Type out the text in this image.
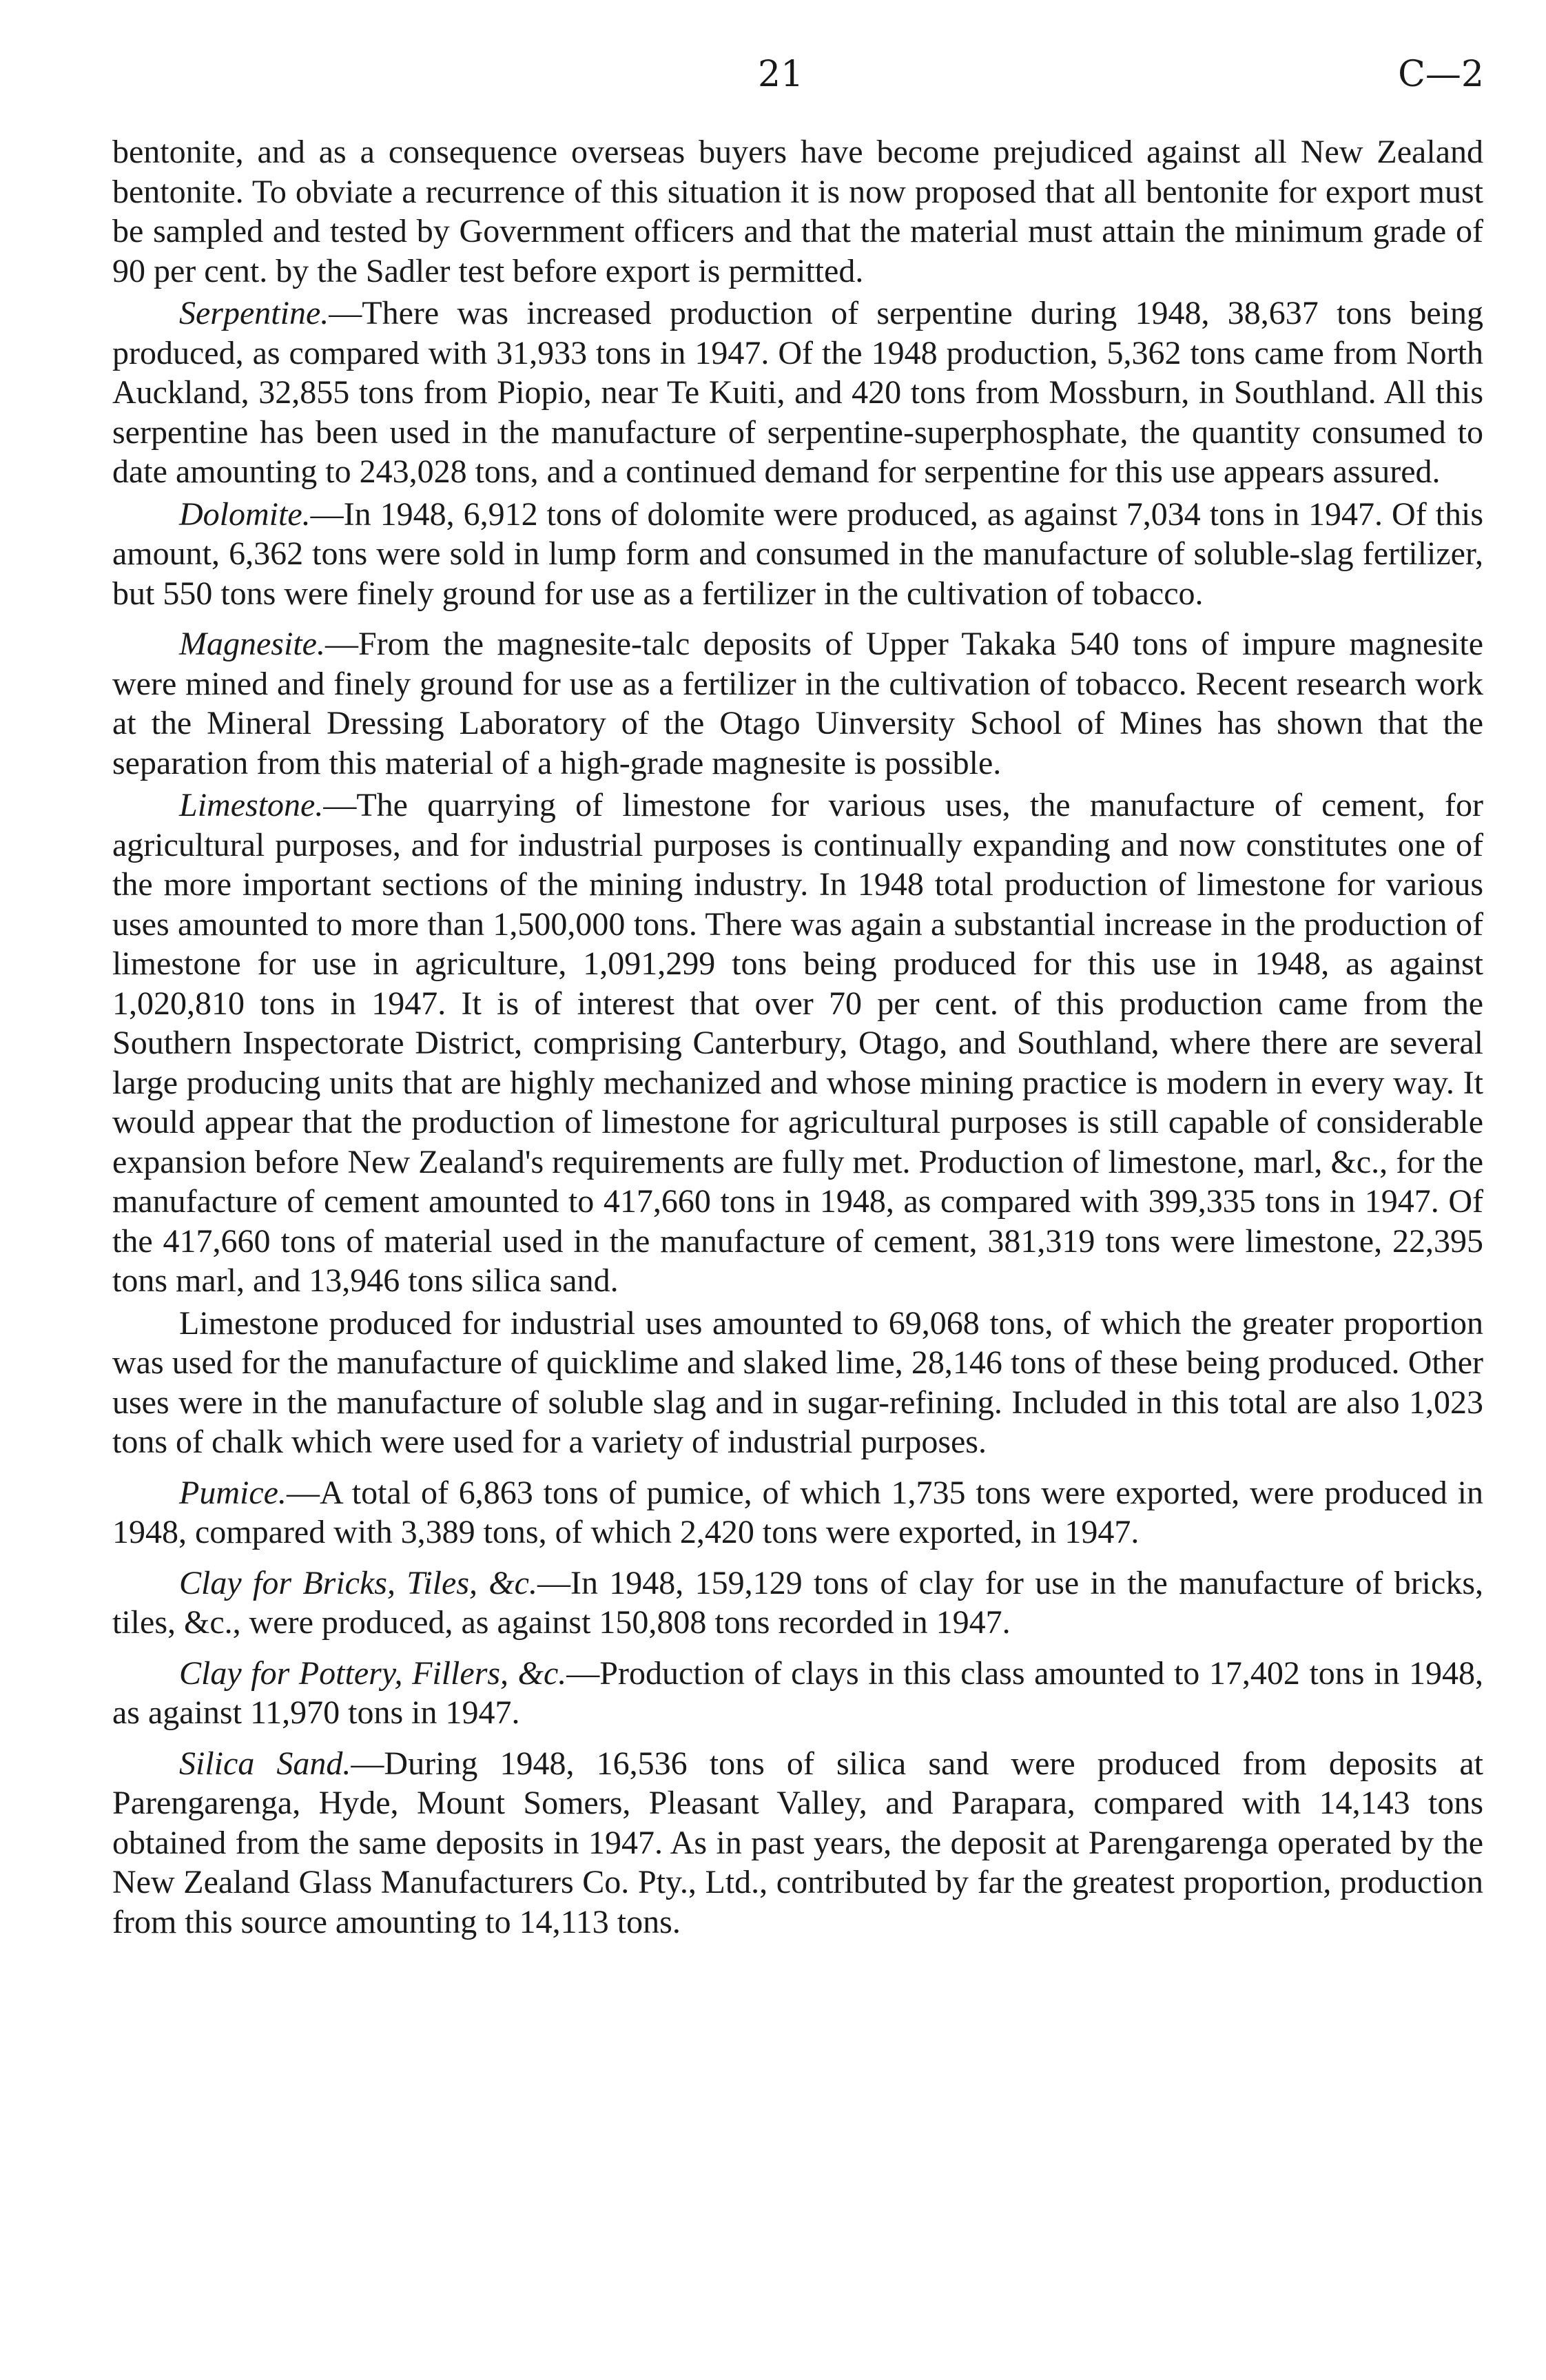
21	C—2

bentonite, and as a consequence overseas buyers have become prejudiced against all New Zealand bentonite. To obviate a recurrence of this situation it is now proposed that all bentonite for export must be sampled and tested by Government officers and that the material must attain the minimum grade of 90 per cent. by the Sadler test before export is permitted.

Serpentine.—There was increased production of serpentine during 1948, 38,637 tons being produced, as compared with 31,933 tons in 1947. Of the 1948 production, 5,362 tons came from North Auckland, 32,855 tons from Piopio, near Te Kuiti, and 420 tons from Mossburn, in Southland. All this serpentine has been used in the manufacture of serpentine-superphosphate, the quantity consumed to date amounting to 243,028 tons, and a continued demand for serpentine for this use appears assured.

Dolomite.—In 1948, 6,912 tons of dolomite were produced, as against 7,034 tons in 1947. Of this amount, 6,362 tons were sold in lump form and consumed in the manufacture of soluble-slag fertilizer, but 550 tons were finely ground for use as a fertilizer in the cultivation of tobacco.

Magnesite.—From the magnesite-talc deposits of Upper Takaka 540 tons of impure magnesite were mined and finely ground for use as a fertilizer in the cultivation of tobacco. Recent research work at the Mineral Dressing Laboratory of the Otago Uinversity School of Mines has shown that the separation from this material of a high-grade magnesite is possible.

Limestone.—The quarrying of limestone for various uses, the manufacture of cement, for agricultural purposes, and for industrial purposes is continually expanding and now constitutes one of the more important sections of the mining industry. In 1948 total production of limestone for various uses amounted to more than 1,500,000 tons. There was again a substantial increase in the production of limestone for use in agriculture, 1,091,299 tons being produced for this use in 1948, as against 1,020,810 tons in 1947. It is of interest that over 70 per cent. of this production came from the Southern Inspectorate District, comprising Canterbury, Otago, and Southland, where there are several large producing units that are highly mechanized and whose mining practice is modern in every way. It would appear that the production of limestone for agricultural purposes is still capable of considerable expansion before New Zealand's requirements are fully met. Production of limestone, marl, &c., for the manufacture of cement amounted to 417,660 tons in 1948, as compared with 399,335 tons in 1947. Of the 417,660 tons of material used in the manufacture of cement, 381,319 tons were limestone, 22,395 tons marl, and 13,946 tons silica sand.

Limestone produced for industrial uses amounted to 69,068 tons, of which the greater proportion was used for the manufacture of quicklime and slaked lime, 28,146 tons of these being produced. Other uses were in the manufacture of soluble slag and in sugar-refining. Included in this total are also 1,023 tons of chalk which were used for a variety of industrial purposes.

Pumice.—A total of 6,863 tons of pumice, of which 1,735 tons were exported, were produced in 1948, compared with 3,389 tons, of which 2,420 tons were exported, in 1947.

Clay for Bricks, Tiles, &c.—In 1948, 159,129 tons of clay for use in the manufacture of bricks, tiles, &c., were produced, as against 150,808 tons recorded in 1947.

Clay for Pottery, Fillers, &c.—Production of clays in this class amounted to 17,402 tons in 1948, as against 11,970 tons in 1947.

Silica Sand.—During 1948, 16,536 tons of silica sand were produced from deposits at Parengarenga, Hyde, Mount Somers, Pleasant Valley, and Parapara, compared with 14,143 tons obtained from the same deposits in 1947. As in past years, the deposit at Parengarenga operated by the New Zealand Glass Manufacturers Co. Pty., Ltd., contributed by far the greatest proportion, production from this source amounting to 14,113 tons.
